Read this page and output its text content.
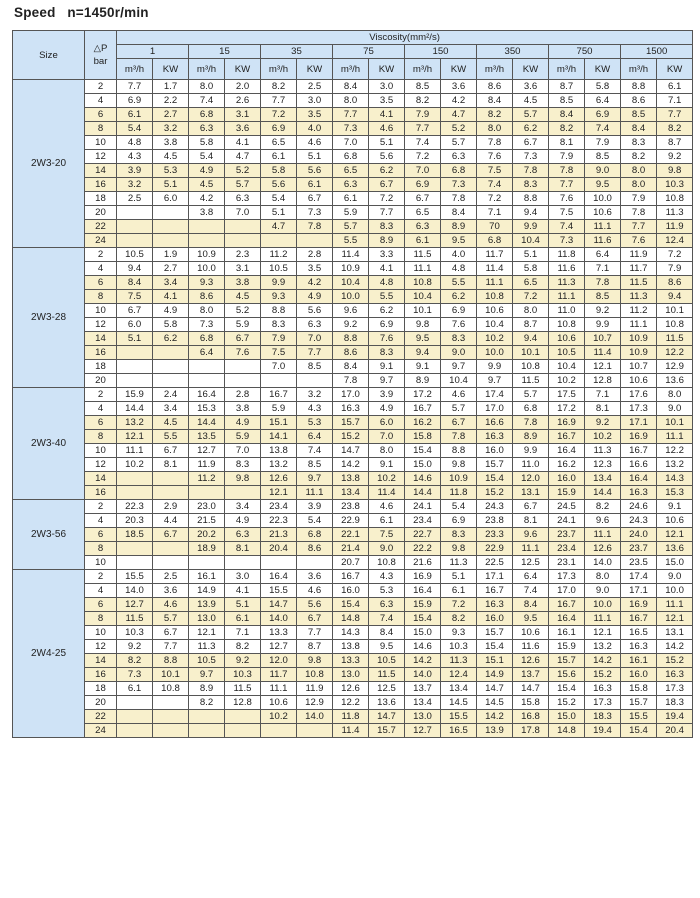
Speed   n=1450r/min
Size	△P
bar	Viscosity(mm²/s)															
		1		15		35		75		150		350		750		1500	
		m³/h	KW	m³/h	KW	m³/h	KW	m³/h	KW	m³/h	KW	m³/h	KW	m³/h	KW	m³/h	KW
2W3-20	2	7.7	1.7	8.0	2.0	8.2	2.5	8.4	3.0	8.5	3.6	8.6	3.6	8.7	5.8	8.8	6.1
	4	6.9	2.2	7.4	2.6	7.7	3.0	8.0	3.5	8.2	4.2	8.4	4.5	8.5	6.4	8.6	7.1
	6	6.1	2.7	6.8	3.1	7.2	3.5	7.7	4.1	7.9	4.7	8.2	5.7	8.4	6.9	8.5	7.7
	8	5.4	3.2	6.3	3.6	6.9	4.0	7.3	4.6	7.7	5.2	8.0	6.2	8.2	7.4	8.4	8.2
	10	4.8	3.8	5.8	4.1	6.5	4.6	7.0	5.1	7.4	5.7	7.8	6.7	8.1	7.9	8.3	8.7
	12	4.3	4.5	5.4	4.7	6.1	5.1	6.8	5.6	7.2	6.3	7.6	7.3	7.9	8.5	8.2	9.2
	14	3.9	5.3	4.9	5.2	5.8	5.6	6.5	6.2	7.0	6.8	7.5	7.8	7.8	9.0	8.0	9.8
	16	3.2	5.1	4.5	5.7	5.6	6.1	6.3	6.7	6.9	7.3	7.4	8.3	7.7	9.5	8.0	10.3
	18	2.5	6.0	4.2	6.3	5.4	6.7	6.1	7.2	6.7	7.8	7.2	8.8	7.6	10.0	7.9	10.8
	20			3.8	7.0	5.1	7.3	5.9	7.7	6.5	8.4	7.1	9.4	7.5	10.6	7.8	11.3
	22					4.7	7.8	5.7	8.3	6.3	8.9	70	9.9	7.4	11.1	7.7	11.9
	24							5.5	8.9	6.1	9.5	6.8	10.4	7.3	11.6	7.6	12.4
2W3-28	2	10.5	1.9	10.9	2.3	11.2	2.8	11.4	3.3	11.5	4.0	11.7	5.1	11.8	6.4	11.9	7.2
	4	9.4	2.7	10.0	3.1	10.5	3.5	10.9	4.1	11.1	4.8	11.4	5.8	11.6	7.1	11.7	7.9
	6	8.4	3.4	9.3	3.8	9.9	4.2	10.4	4.8	10.8	5.5	11.1	6.5	11.3	7.8	11.5	8.6
	8	7.5	4.1	8.6	4.5	9.3	4.9	10.0	5.5	10.4	6.2	10.8	7.2	11.1	8.5	11.3	9.4
	10	6.7	4.9	8.0	5.2	8.8	5.6	9.6	6.2	10.1	6.9	10.6	8.0	11.0	9.2	11.2	10.1
	12	6.0	5.8	7.3	5.9	8.3	6.3	9.2	6.9	9.8	7.6	10.4	8.7	10.8	9.9	11.1	10.8
	14	5.1	6.2	6.8	6.7	7.9	7.0	8.8	7.6	9.5	8.3	10.2	9.4	10.6	10.7	10.9	11.5
	16			6.4	7.6	7.5	7.7	8.6	8.3	9.4	9.0	10.0	10.1	10.5	11.4	10.9	12.2
	18					7.0	8.5	8.4	9.1	9.1	9.7	9.9	10.8	10.4	12.1	10.7	12.9
	20							7.8	9.7	8.9	10.4	9.7	11.5	10.2	12.8	10.6	13.6
2W3-40	2	15.9	2.4	16.4	2.8	16.7	3.2	17.0	3.9	17.2	4.6	17.4	5.7	17.5	7.1	17.6	8.0
	4	14.4	3.4	15.3	3.8	5.9	4.3	16.3	4.9	16.7	5.7	17.0	6.8	17.2	8.1	17.3	9.0
	6	13.2	4.5	14.4	4.9	15.1	5.3	15.7	6.0	16.2	6.7	16.6	7.8	16.9	9.2	17.1	10.1
	8	12.1	5.5	13.5	5.9	14.1	6.4	15.2	7.0	15.8	7.8	16.3	8.9	16.7	10.2	16.9	11.1
	10	11.1	6.7	12.7	7.0	13.8	7.4	14.7	8.0	15.4	8.8	16.0	9.9	16.4	11.3	16.7	12.2
	12	10.2	8.1	11.9	8.3	13.2	8.5	14.2	9.1	15.0	9.8	15.7	11.0	16.2	12.3	16.6	13.2
	14			11.2	9.8	12.6	9.7	13.8	10.2	14.6	10.9	15.4	12.0	16.0	13.4	16.4	14.3
	16					12.1	11.1	13.4	11.4	14.4	11.8	15.2	13.1	15.9	14.4	16.3	15.3
2W3-56	2	22.3	2.9	23.0	3.4	23.4	3.9	23.8	4.6	24.1	5.4	24.3	6.7	24.5	8.2	24.6	9.1
	4	20.3	4.4	21.5	4.9	22.3	5.4	22.9	6.1	23.4	6.9	23.8	8.1	24.1	9.6	24.3	10.6
	6	18.5	6.7	20.2	6.3	21.3	6.8	22.1	7.5	22.7	8.3	23.3	9.6	23.7	11.1	24.0	12.1
	8			18.9	8.1	20.4	8.6	21.4	9.0	22.2	9.8	22.9	11.1	23.4	12.6	23.7	13.6
	10							20.7	10.8	21.6	11.3	22.5	12.5	23.1	14.0	23.5	15.0
2W4-25	2	15.5	2.5	16.1	3.0	16.4	3.6	16.7	4.3	16.9	5.1	17.1	6.4	17.3	8.0	17.4	9.0
	4	14.0	3.6	14.9	4.1	15.5	4.6	16.0	5.3	16.4	6.1	16.7	7.4	17.0	9.0	17.1	10.0
	6	12.7	4.6	13.9	5.1	14.7	5.6	15.4	6.3	15.9	7.2	16.3	8.4	16.7	10.0	16.9	11.1
	8	11.5	5.7	13.0	6.1	14.0	6.7	14.8	7.4	15.4	8.2	16.0	9.5	16.4	11.1	16.7	12.1
	10	10.3	6.7	12.1	7.1	13.3	7.7	14.3	8.4	15.0	9.3	15.7	10.6	16.1	12.1	16.5	13.1
	12	9.2	7.7	11.3	8.2	12.7	8.7	13.8	9.5	14.6	10.3	15.4	11.6	15.9	13.2	16.3	14.2
	14	8.2	8.8	10.5	9.2	12.0	9.8	13.3	10.5	14.2	11.3	15.1	12.6	15.7	14.2	16.1	15.2
	16	7.3	10.1	9.7	10.3	11.7	10.8	13.0	11.5	14.0	12.4	14.9	13.7	15.6	15.2	16.0	16.3
	18	6.1	10.8	8.9	11.5	11.1	11.9	12.6	12.5	13.7	13.4	14.7	14.7	15.4	16.3	15.8	17.3
	20			8.2	12.8	10.6	12.9	12.2	13.6	13.4	14.5	14.5	15.8	15.2	17.3	15.7	18.3
	22					10.2	14.0	11.8	14.7	13.0	15.5	14.2	16.8	15.0	18.3	15.5	19.4
	24							11.4	15.7	12.7	16.5	13.9	17.8	14.8	19.4	15.4	20.4
